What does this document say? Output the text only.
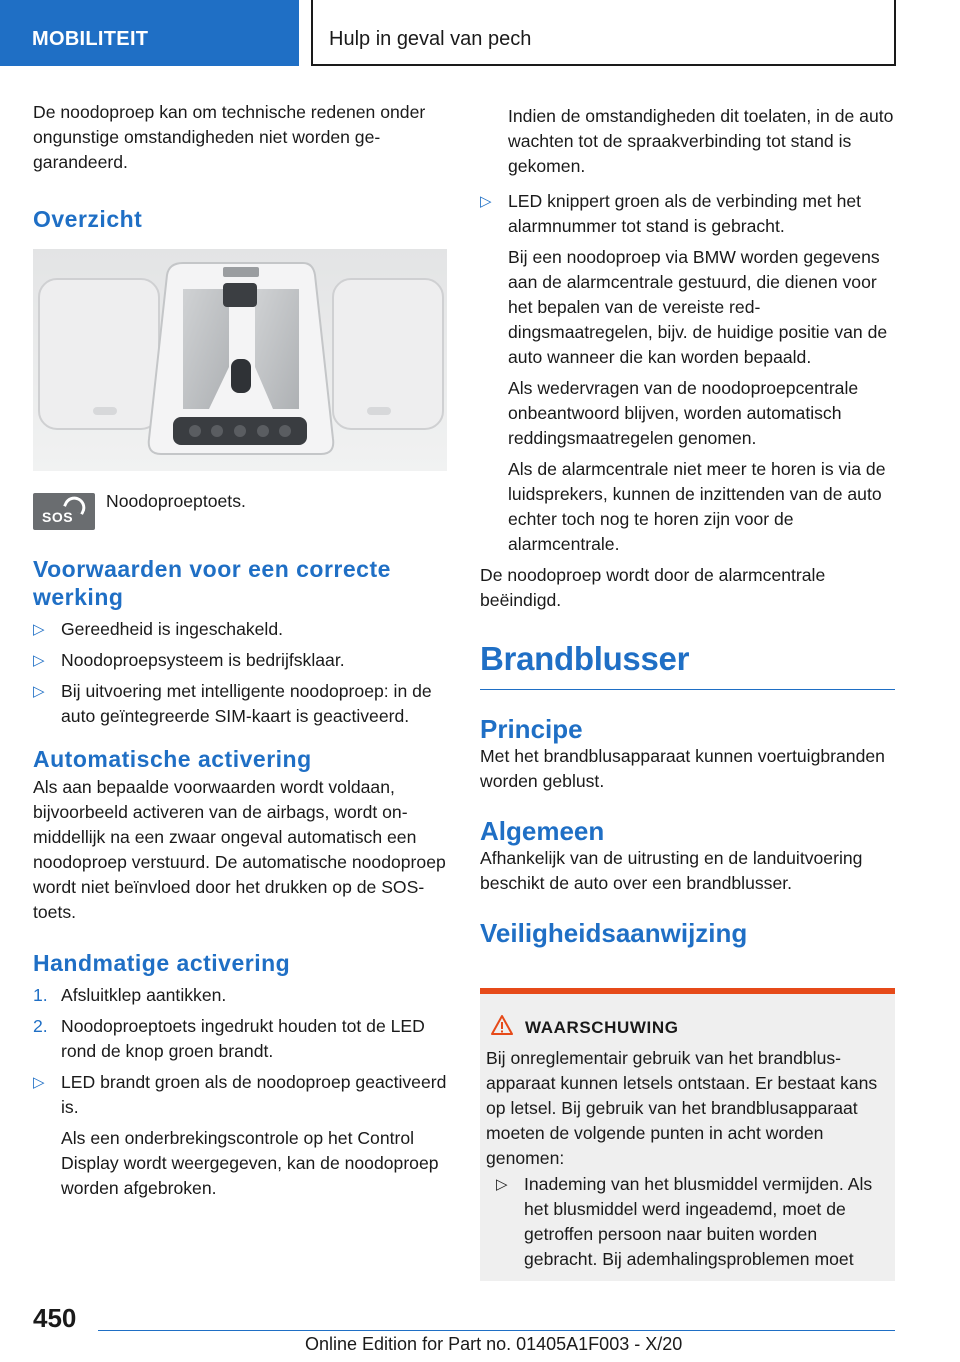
MOBILITEIT	Hulp in geval van pech

De noodoproep kan om technische redenen onder ongunstige omstandigheden niet worden gegarandeerd.

Overzicht
SOS

Noodoproeptoets.

Voorwaarden voor een correcte werking
▷ Gereedheid is ingeschakeld.
▷ Noodoproepsysteem is bedrijfsklaar.
▷ Bij uitvoering met intelligente noodoproep: in de auto geïntegreerde SIM-kaart is geactiveerd.
Automatische activering

Als aan bepaalde voorwaarden wordt voldaan, bijvoorbeeld activeren van de airbags, wordt onmiddellijk na een zwaar ongeval automatisch een noodoproep verstuurd. De automatische noodoproep wordt niet beïnvloed door het drukken op de SOS-toets.

Handmatige activering
1. Afsluitklep aantikken.
2. Noodoproeptoets ingedrukt houden tot de LED rond de knop groen brandt.
▷ LED brandt groen als de noodoproep geactiveerd is.

Als een onderbrekingscontrole op het Control Display wordt weergegeven, kan de noodoproep worden afgebroken.

Indien de omstandigheden dit toelaten, in de auto wachten tot de spraakverbinding tot stand is gekomen.

▷ LED knippert groen als de verbinding met het alarmnummer tot stand is gebracht.

Bij een noodoproep via BMW worden gegevens aan de alarmcentrale gestuurd, die dienen voor het bepalen van de vereiste reddingsmaatregelen, bijv. de huidige positie van de auto wanneer die kan worden bepaald.

Als wedervragen van de noodoproepcentrale onbeantwoord blijven, worden automatisch reddingsmaatregelen genomen.

Als de alarmcentrale niet meer te horen is via de luidsprekers, kunnen de inzittenden van de auto echter toch nog te horen zijn voor de alarmcentrale.

De noodoproep wordt door de alarmcentrale beëindigd.

Brandblusser
Principe

Met het brandblusapparaat kunnen voertuigbranden worden geblust.

Algemeen

Afhankelijk van de uitrusting en de landuitvoering beschikt de auto over een brandblusser.

Veiligheidsaanwijzing
WAARSCHUWING

Bij onreglementair gebruik van het brandblusapparaat kunnen letsels ontstaan. Er bestaat kans op letsel. Bij gebruik van het brandblusapparaat moeten de volgende punten in acht worden genomen:

▷ Inademing van het blusmiddel vermijden. Als het blusmiddel werd ingeademd, moet de getroffen persoon naar buiten worden gebracht. Bij ademhalingsproblemen moet
450
Online Edition for Part no. 01405A1F003 - X/20
